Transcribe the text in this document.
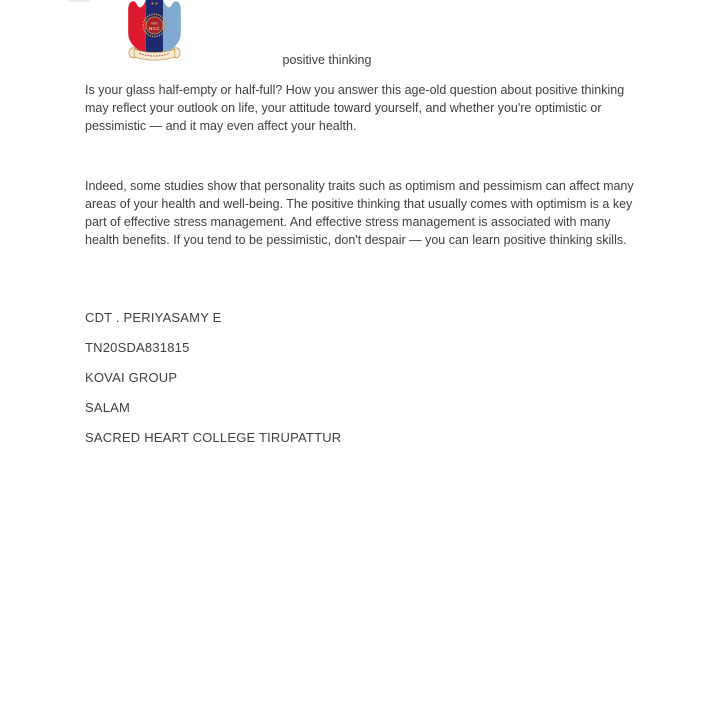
एकता
NCC
positive thinking

Is your glass half-empty or half-full? How you answer this age-old question about positive thinking may reflect your outlook on life, your attitude toward yourself, and whether you're optimistic or pessimistic — and it may even affect your health.

Indeed, some studies show that personality traits such as optimism and pessimism can affect many areas of your health and well-being. The positive thinking that usually comes with optimism is a key part of effective stress management. And effective stress management is associated with many health benefits. If you tend to be pessimistic, don't despair — you can learn positive thinking skills.

CDT . PERIYASAMY E
TN20SDA831815
KOVAI GROUP
SALAM
SACRED HEART COLLEGE TIRUPATTUR
